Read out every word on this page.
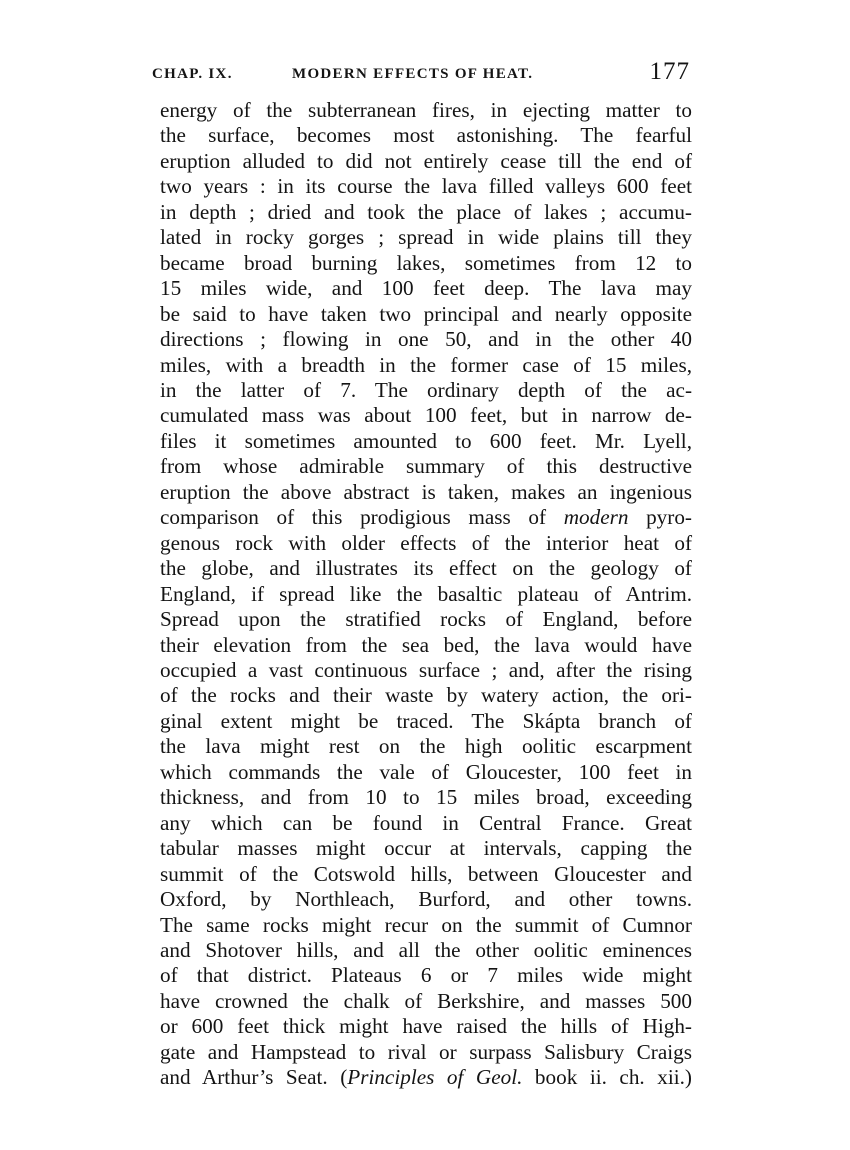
CHAP. IX.	MODERN EFFECTS OF HEAT.	177
energy of the subterranean fires, in ejecting matter to
the surface, becomes most astonishing. The fearful
eruption alluded to did not entirely cease till the end of
two years : in its course the lava filled valleys 600 feet
in depth ; dried and took the place of lakes ; accumu-
lated in rocky gorges ; spread in wide plains till they
became broad burning lakes, sometimes from 12 to
15 miles wide, and 100 feet deep. The lava may
be said to have taken two principal and nearly opposite
directions ; flowing in one 50, and in the other 40
miles, with a breadth in the former case of 15 miles,
in the latter of 7. The ordinary depth of the ac-
cumulated mass was about 100 feet, but in narrow de-
files it sometimes amounted to 600 feet. Mr. Lyell,
from whose admirable summary of this destructive
eruption the above abstract is taken, makes an ingenious
comparison of this prodigious mass of modern pyro-
genous rock with older effects of the interior heat of
the globe, and illustrates its effect on the geology of
England, if spread like the basaltic plateau of Antrim.
Spread upon the stratified rocks of England, before
their elevation from the sea bed, the lava would have
occupied a vast continuous surface ; and, after the rising
of the rocks and their waste by watery action, the ori-
ginal extent might be traced. The Skápta branch of
the lava might rest on the high oolitic escarpment
which commands the vale of Gloucester, 100 feet in
thickness, and from 10 to 15 miles broad, exceeding
any which can be found in Central France. Great
tabular masses might occur at intervals, capping the
summit of the Cotswold hills, between Gloucester and
Oxford, by Northleach, Burford, and other towns.
The same rocks might recur on the summit of Cumnor
and Shotover hills, and all the other oolitic eminences
of that district. Plateaus 6 or 7 miles wide might
have crowned the chalk of Berkshire, and masses 500
or 600 feet thick might have raised the hills of High-
gate and Hampstead to rival or surpass Salisbury Craigs
and Arthur’s Seat. (Principles of Geol. book ii. ch. xii.)
